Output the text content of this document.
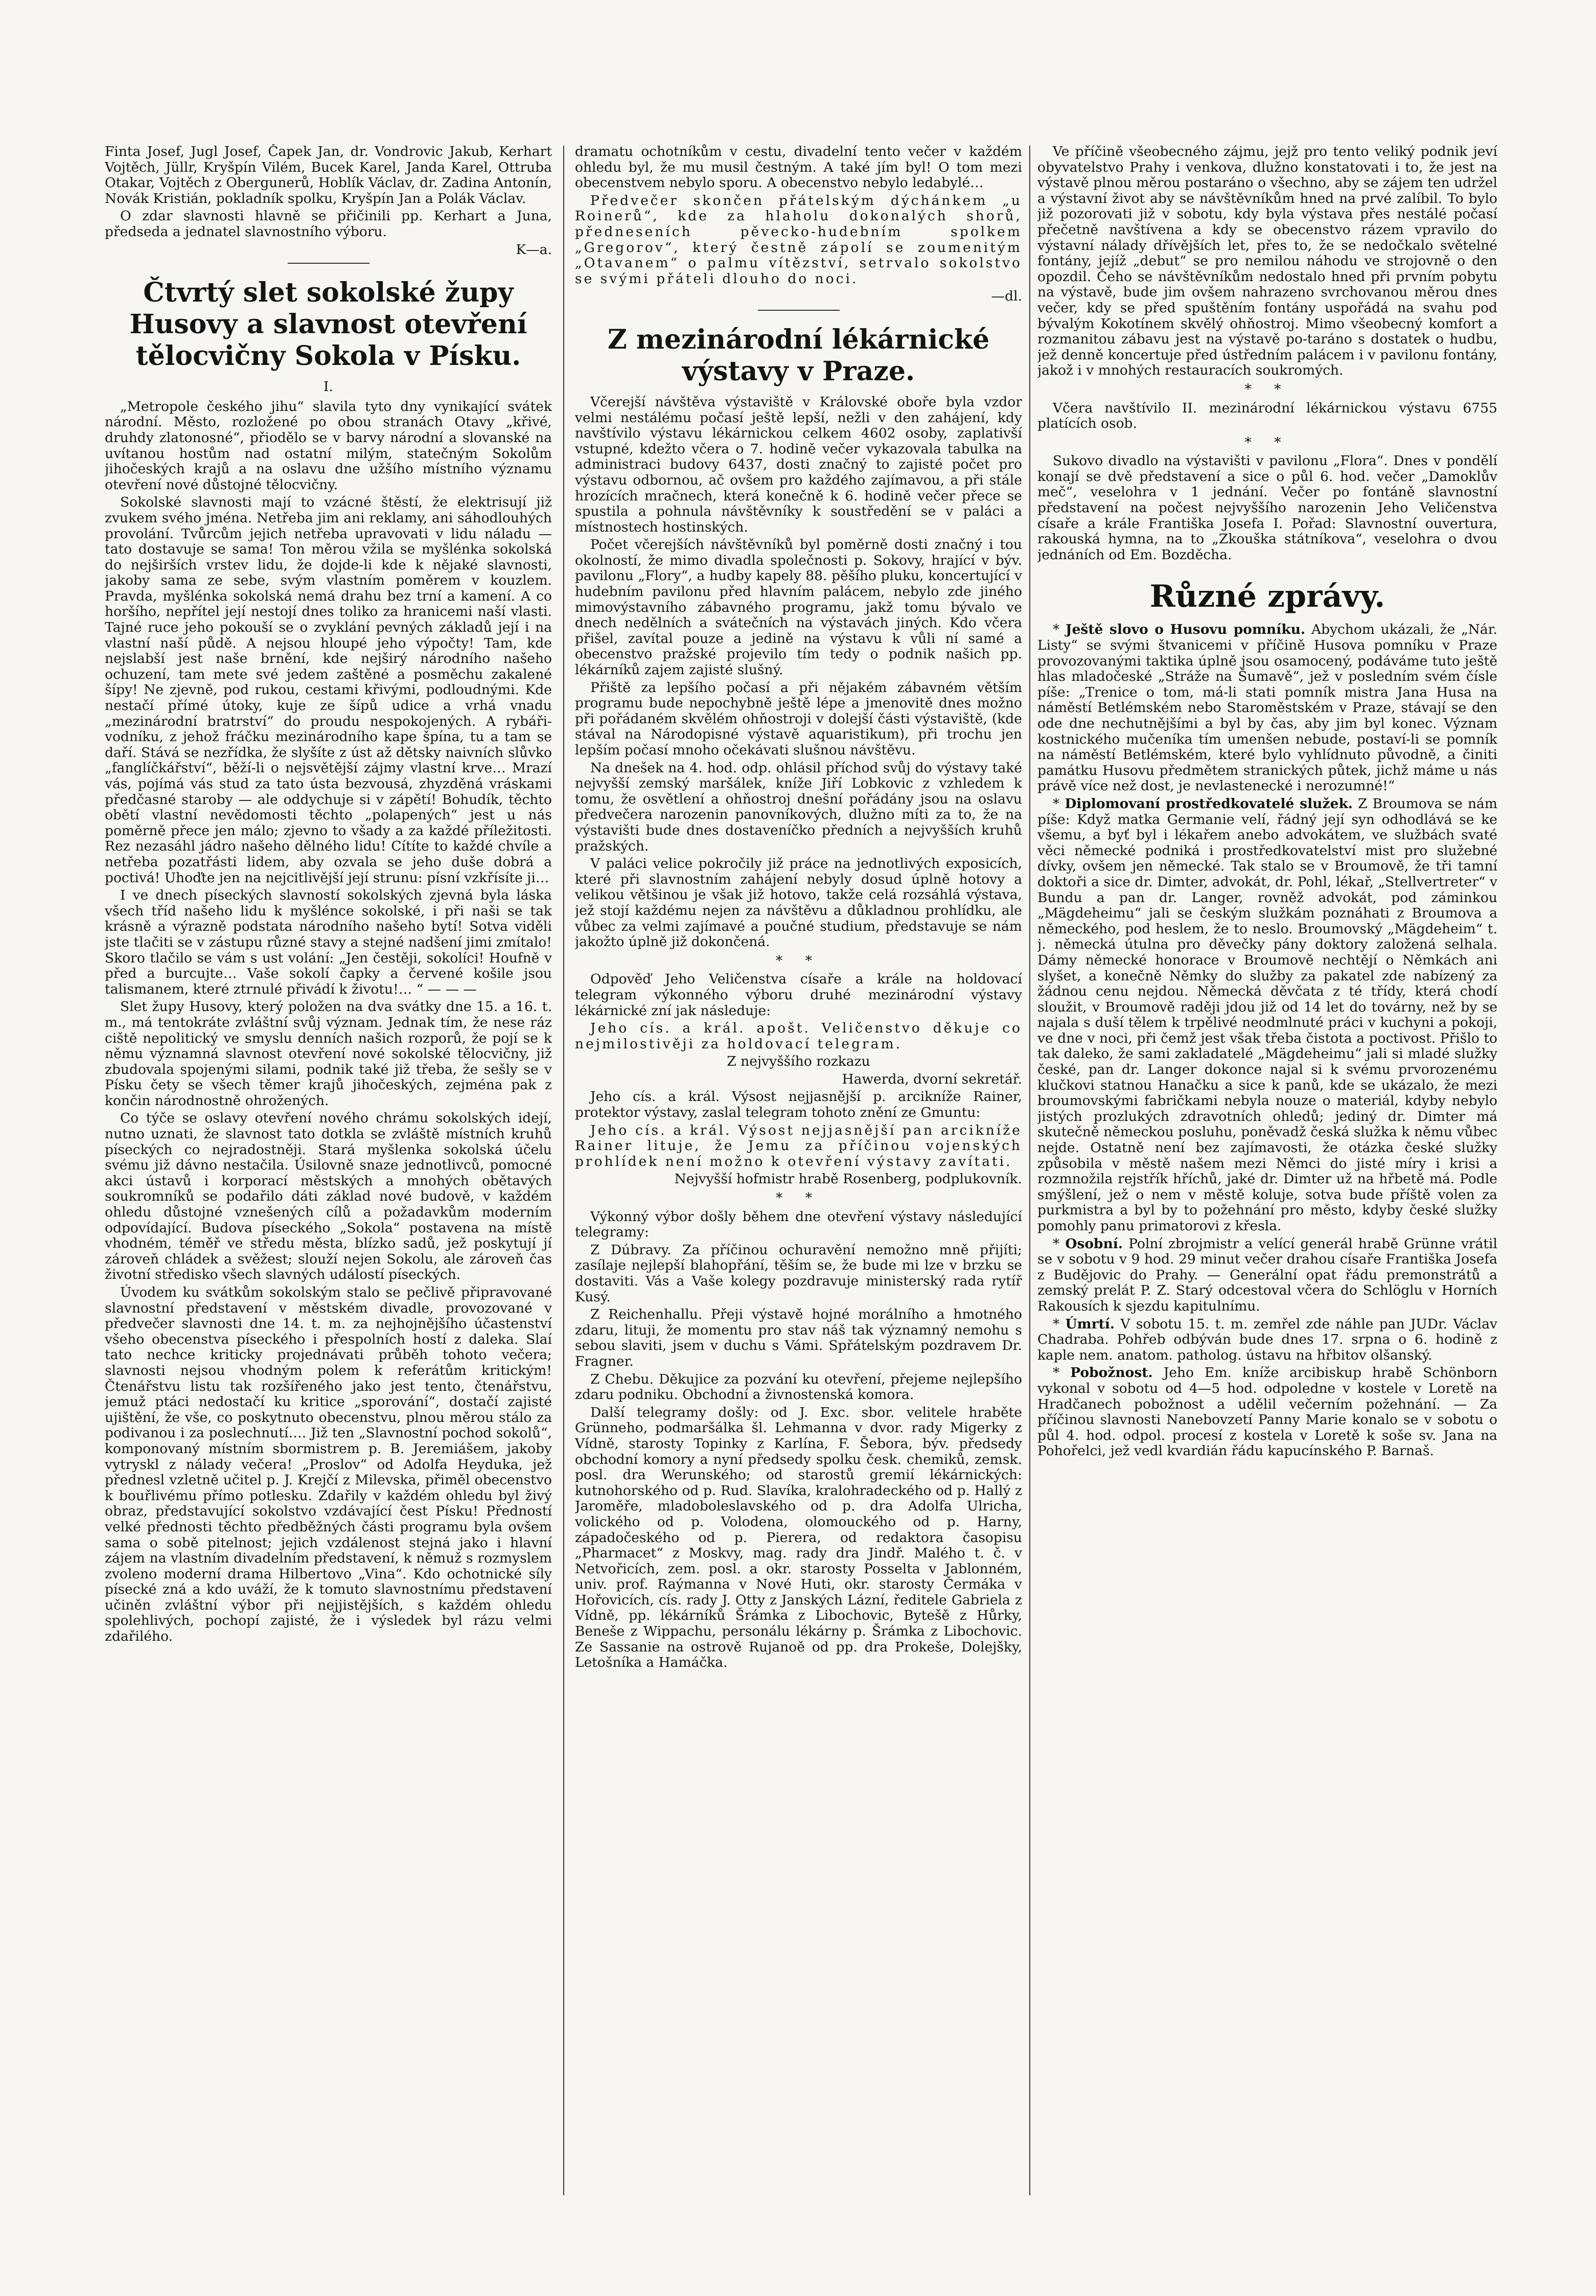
Finta Josef, Jugl Josef, Čapek Jan, dr. Vondrovic Jakub, Kerhart Vojtěch, Jüllr, Kryšpín Vilém, Bucek Karel, Janda Karel, Ottruba Otakar, Vojtěch z Obergunerů, Hoblík Václav, dr. Zadina Antonín, Novák Kristián, pokladník spolku, Kryšpín Jan a Polák Václav.

O zdar slavnosti hlavně se přičinili pp. Kerhart a Juna, předseda a jednatel slavnostního výboru.

K—a.

Čtvrtý slet sokolské župy Husovy a slavnost otevření tělocvičny Sokola v Písku.
I.

„Metropole českého jihu“ slavila tyto dny vynikající svátek národní. Město, rozložené po obou stranách Otavy „křivé, druhdy zlatonosné“, přiodělo se v barvy národní a slovanské na uvítanou hostům nad ostatní milým, statečným Sokolům jihočeských krajů a na oslavu dne užšího místního významu otevření nové důstojné tělocvičny.

Sokolské slavnosti mají to vzácné štěstí, že elektrisují již zvukem svého jména. Netřeba jim ani reklamy, ani sáhodlouhých provolání. Tvůrcům jejich netřeba upravovati v lidu náladu — tato dostavuje se sama! Ton měrou vžila se myšlénka sokolská do nejširších vrstev lidu, že dojde-li kde k nějaké slavnosti, jakoby sama ze sebe, svým vlastním poměrem v kouzlem. Pravda, myšlénka sokolská nemá drahu bez trní a kamení. A co horšího, nepřítel její nestojí dnes toliko za hranicemi naší vlasti. Tajné ruce jeho pokouší se o zvyklání pevných základů její i na vlastní naší půdě. A nejsou hloupé jeho výpočty! Tam, kde nejslabší jest naše brnění, kde nejširý národního našeho ochuzení, tam mete své jedem zaštěné a posměchu zakalené šípy! Ne zjevně, pod rukou, cestami křivými, podloudnými. Kde nestačí přímé útoky, kuje ze šípů udice a vrhá vnadu „mezinárodní bratrství“ do proudu nespokojených. A rybáři-vodníku, z jehož fráčku mezinárodního kape špína, tu a tam se daří. Stává se nezřídka, že slyšíte z úst až dětsky naivních slůvko „fanglíčkářství“, běží-li o nejsvětější zájmy vlastní krve… Mrazí vás, pojímá vás stud za tato ústa bezvousá, zhyzděná vráskami předčasné staroby — ale oddychuje si v zápětí! Bohudík, těchto obětí vlastní nevědomosti těchto „polapených“ jest u nás poměrně přece jen málo; zjevno to všady a za každé příležitosti. Rez nezasáhl jádro našeho dělného lidu! Cítíte to každé chvíle a netřeba pozatřásti lidem, aby ozvala se jeho duše dobrá a poctivá! Uhoďte jen na nejcitlivější její strunu: písní vzkřísíte ji…

I ve dnech píseckých slavností sokolských zjevná byla láska všech tříd našeho lidu k myšlénce sokolské, i při naši se tak krásně a výrazně podstata národního našeho bytí! Sotva viděli jste tlačiti se v zástupu různé stavy a stejné nadšení jimi zmítalo! Skoro tlačilo se vám s ust volání: „Jen čestěji, sokolíci! Houfně v před a burcujte… Vaše sokolí čapky a červené košile jsou talismanem, které ztrnulé přivádí k životu!… “ — — —

Slet župy Husovy, který položen na dva svátky dne 15. a 16. t. m., má tentokráte zvláštní svůj význam. Jednak tím, že nese ráz ciště nepolitický ve smyslu denních našich rozporů, že pojí se k němu významná slavnost otevření nové sokolské tělocvičny, již zbudovala spojenými silami, podnik také již třeba, že sešly se v Písku čety se všech těmer krajů jihočeských, zejména pak z končin národnostně ohrožených.

Co týče se oslavy otevření nového chrámu sokolských idejí, nutno uznati, že slavnost tato dotkla se zvláště místních kruhů píseckých co nejradostněji. Stará myšlenka sokolská účelu svému již dávno nestačila. Úsilovně snaze jednotlivců, pomocné akci ústavů i korporací městských a mnohých obětavých soukromníků se podařilo dáti základ nové budově, v každém ohledu důstojné vznešených cílů a požadavkům moderním odpovídající. Budova píseckého „Sokola“ postavena na místě vhodném, téměř ve středu města, blízko sadů, jež poskytují jí zároveň chládek a svěžest; slouží nejen Sokolu, ale zároveň čas životní středisko všech slavných událostí píseckých.

Úvodem ku svátkům sokolským stalo se pečlivě připravované slavnostní představení v městském divadle, provozované v předvečer slavnosti dne 14. t. m. za nejhojnějšího účastenství všeho obecenstva píseckého i přespolních hostí z daleka. Slaí tato nechce kriticky projednávati průběh tohoto večera; slavnosti nejsou vhodným polem k referátům kritickým! Čtenářstvu listu tak rozšířeného jako jest tento, čtenářstvu, jemuž ptáci nedostačí ku kritice „sporování“, dostačí zajisté ujištění, že vše, co poskytnuto obecenstvu, plnou měrou stálo za podivanou i za poslechnutí…. Již ten „Slavnostní pochod sokolů“, komponovaný místním sbormistrem p. B. Jeremiášem, jakoby vytryskl z nálady večera! „Proslov“ od Adolfa Heyduka, jež přednesl vzletně učitel p. J. Krejčí z Milevska, přiměl obecenstvo k bouřlivému přímo potlesku. Zdařily v každém ohledu byl živý obraz, představující sokolstvo vzdávající čest Písku! Předností velké přednosti těchto předběžných části programu byla ovšem sama o sobě pitelnost; jejich vzdálenost stejná jako i hlavní zájem na vlastním divadelním představení, k němuž s rozmyslem zvoleno moderní drama Hilbertovo „Vina“. Kdo ochotnické síly písecké zná a kdo uváží, že k tomuto slavnostnímu představení učiněn zvláštní výbor při nejjistějších, s každém ohledu spolehlivých, pochopí zajisté, že i výsledek byl rázu velmi zdařilého.

dramatu ochotníkům v cestu, divadelní tento večer v každém ohledu byl, že mu musil čestným. A také jím byl! O tom mezi obecenstvem nebylo sporu. A obecenstvo nebylo ledabylé…

Předvečer skončen přátelským dýchánkem „u Roinerů“, kde za hlaholu dokonalých shorů, předneseních pěvecko-hudebním spolkem „Gregorov“, který čestně zápolí se zoumenitým „Otavanem“ o palmu vítězství, setrvalo sokolstvo se svými přáteli dlouho do noci.

—dl.

Z mezinárodní lékárnické výstavy v Praze.

Včerejší návštěva výstaviště v Královské oboře byla vzdor velmi nestálému počasí ještě lepší, nežli v den zahájení, kdy navštívilo výstavu lékárnickou celkem 4602 osoby, zaplativší vstupné, kdežto včera o 7. hodině večer vykazovala tabulka na administraci budovy 6437, dosti značný to zajisté počet pro výstavu odbornou, ač ovšem pro každého zajímavou, a při stále hrozících mračnech, která konečně k 6. hodině večer přece se spustila a pohnula návštěvníky k soustředění se v paláci a místnostech hostinských.

Počet včerejších návštěvníků byl poměrně dosti značný i tou okolností, že mimo divadla společnosti p. Sokovy, hrající v býv. pavilonu „Flory“, a hudby kapely 88. pěšího pluku, koncertující v hudebním pavilonu před hlavním palácem, nebylo zde jiného mimovýstavního zábavného programu, jakž tomu bývalo ve dnech nedělních a svátečních na výstavách jiných. Kdo včera přišel, zavítal pouze a jedině na výstavu k vůli ní samé a obecenstvo pražské projevilo tím tedy o podnik našich pp. lékárníků zajem zajisté slušný.

Přiště za lepšího počasí a při nějakém zábavném větším programu bude nepochybně ještě lépe a jmenovitě dnes možno při pořádaném skvělém ohňostroji v dolejší části výstaviště, (kde stával na Národopisné výstavě aquaristikum), při trochu jen lepším počasí mnoho očekávati slušnou návštěvu.

Na dnešek na 4. hod. odp. ohlásil příchod svůj do výstavy také nejvyšší zemský maršálek, kníže Jiří Lobkovic z vzhledem k tomu, že osvětlení a ohňostroj dnešní pořádány jsou na oslavu předvečera narozenin panovníkových, dlužno míti za to, že na výstavišti bude dnes dostaveníčko předních a nejvyšších kruhů pražských.

V paláci velice pokročily již práce na jednotlivých exposicích, které při slavnostním zahájení nebyly dosud úplně hotovy a velikou většinou je však již hotovo, takže celá rozsáhlá výstava, jež stojí každému nejen za návštěvu a důkladnou prohlídku, ale vůbec za velmi zajímavé a poučné studium, představuje se nám jakožto úplně již dokončená.

* *

Odpověď Jeho Veličenstva císaře a krále na holdovací telegram výkonného výboru druhé mezinárodní výstavy lékárnické zní jak následuje:

Jeho cís. a král. apošt. Veličenstvo děkuje co nejmilostivěji za holdovací telegram.

Z nejvyššího rozkazu

Hawerda, dvorní sekretář.

Jeho cís. a král. Výsost nejjasnější p. arcikníže Rainer, protektor výstavy, zaslal telegram tohoto znění ze Gmuntu:

Jeho cís. a král. Výsost nejjasnější pan arcikníže Rainer lituje, že Jemu za příčinou vojenských prohlídek není možno k otevření výstavy zavítati.

Nejvyšší hofmistr hrabě Rosenberg, podplukovník.

* *

Výkonný výbor došly během dne otevření výstavy následující telegramy:

Z Dúbravy. Za příčinou ochuravění nemožno mně přijíti; zasílaje nejlepší blahopřání, těším se, že bude mi lze v brzku se dostaviti. Vás a Vaše kolegy pozdravuje ministerský rada rytíř Kusý.

Z Reichenhallu. Přeji výstavě hojné morálního a hmotného zdaru, lituji, že momentu pro stav náš tak významný nemohu s sebou slaviti, jsem v duchu s Vámi. Spřátelským pozdravem Dr. Fragner.

Z Chebu. Děkujice za pozvání ku otevření, přejeme nejlepšího zdaru podniku. Obchodní a živnostenská komora.

Další telegramy došly: od J. Exc. sbor. velitele hraběte Grünneho, podmaršálka šl. Lehmanna v dvor. rady Migerky z Vídně, starosty Topinky z Karlína, F. Šebora, býv. předsedy obchodní komory a nyní předsedy spolku česk. chemiků, zemsk. posl. dra Werunského; od starostů gremií lékárnických: kutnohorského od p. Rud. Slavíka, kralohradeckého od p. Hallý z Jaroměře, mladoboleslavského od p. dra Adolfa Ulricha, volického od p. Volodena, olomouckého od p. Harny, západočeského od p. Pierera, od redaktora časopisu „Pharmacet“ z Moskvy, mag. rady dra Jindř. Malého t. č. v Netvořicích, zem. posl. a okr. starosty Posselta v Jablonném, univ. prof. Raýmanna v Nové Huti, okr. starosty Čermáka v Hořovicích, cís. rady J. Otty z Janských Lázní, ředitele Gabriela z Vídně, pp. lékárníků Šrámka z Libochovic, Bytešě z Hůrky, Beneše z Wippachu, personálu lékárny p. Šrámka z Libochovic. Ze Sassanie na ostrově Rujanoě od pp. dra Prokeše, Dolejšky, Letošníka a Hamáčka.

Ve příčině všeobecného zájmu, jejž pro tento veliký podnik jeví obyvatelstvo Prahy i venkova, dlužno konstatovati i to, že jest na výstavě plnou měrou postaráno o všechno, aby se zájem ten udržel a výstavní život aby se návštěvníkům hned na prvé zalíbil. To bylo již pozorovati již v sobotu, kdy byla výstava přes nestálé počasí přečetně navštívena a kdy se obecenstvo rázem vpravilo do výstavní nálady dřívějších let, přes to, že se nedočkalo světelné fontány, jejíž „debut“ se pro nemilou náhodu ve strojovně o den opozdil. Čeho se návštěvníkům nedostalo hned při prvním pobytu na výstavě, bude jim ovšem nahrazeno svrchovanou měrou dnes večer, kdy se před spuštěním fontány uspořádá na svahu pod bývalým Kokotínem skvělý ohňostroj. Mimo všeobecný komfort a rozmanitou zábavu jest na výstavě po-taráno s dostatek o hudbu, jež denně koncertuje před ústředním palácem i v pavilonu fontány, jakož i v mnohých restauracích soukromých.

* *

Včera navštívilo II. mezinárodní lékárnickou výstavu 6755 platících osob.

* *

Sukovo divadlo na výstavišti v pavilonu „Flora“. Dnes v pondělí konají se dvě představení a sice o půl 6. hod. večer „Damoklův meč“, veselohra v 1 jednání. Večer po fontáně slavnostní představení na počest nejvyššího narozenin Jeho Veličenstva císaře a krále Františka Josefa I. Pořad: Slavnostní ouvertura, rakouská hymna, na to „Zkouška státníkova“, veselohra o dvou jednáních od Em. Bozděcha.

Různé zprávy.

* Ještě slovo o Husovu pomníku. Abychom ukázali, že „Nár. Listy“ se svými štvanicemi v příčině Husova pomníku v Praze provozovanými taktika úplně jsou osamocený, podáváme tuto ještě hlas mladočeské „Stráže na Šumavě“, jež v posledním svém čísle píše: „Trenice o tom, má-li stati pomník mistra Jana Husa na náměstí Betlémském nebo Staroměstském v Praze, stávají se den ode dne nechutnějšími a byl by čas, aby jim byl konec. Význam kostnického mučeníka tím umenšen nebude, postaví-li se pomník na náměstí Betlémském, které bylo vyhlídnuto původně, a činiti památku Husovu předmětem stranických půtek, jichž máme u nás právě více než dost, je nevlastenecké i nerozumné!“

* Diplomovaní prostředkovatelé služek. Z Broumova se nám píše: Když matka Germanie velí, řádný její syn odhodlává se ke všemu, a byť byl i lékařem anebo advokátem, ve službách svaté věci německé podniká i prostředkovatelství mist pro služebné dívky, ovšem jen německé. Tak stalo se v Broumově, že tři tamní doktoři a sice dr. Dimter, advokát, dr. Pohl, lékař, „Stellvertreter“ v Bundu a pan dr. Langer, rovněž advokát, pod záminkou „Mägdeheimu“ jali se českým služkám poznáhati z Broumova a německého, pod heslem, že to neslo. Broumovský „Mägdeheim“ t. j. německá útulna pro děvečky pány doktory založená selhala. Dámy německé honorace v Broumově nechtějí o Němkách ani slyšet, a konečně Němky do služby za pakatel zde nabízený za žádnou cenu nejdou. Německá děvčata z té třídy, která chodí sloužit, v Broumově raději jdou již od 14 let do továrny, než by se najala s duší tělem k trpělivé neodmlnuté práci v kuchyni a pokoji, ve dne v noci, při čemž jest však třeba čistota a poctivost. Přišlo to tak daleko, že sami zakladatelé „Mägdeheimu“ jali si mladé služky české, pan dr. Langer dokonce najal si k svému prvorozenému klučkovi statnou Hanačku a sice k panů, kde se ukázalo, že mezi broumovskými fabričkami nebyla nouze o materiál, kdyby nebylo jistých prozlukých zdravotních ohledů; jediný dr. Dimter má skutečně německou posluhu, poněvadž česká služka k němu vůbec nejde. Ostatně není bez zajímavosti, že otázka české služky způsobila v městě našem mezi Němci do jisté míry i krisi a rozmnožila rejstřík hříchů, jaké dr. Dimter už na hřbetě má. Podle smýšlení, jež o nem v městě koluje, sotva bude příště volen za purkmistra a byl by to požehnání pro město, kdyby české služky pomohly panu primatorovi z křesla.

* Osobní. Polní zbrojmistr a velící generál hrabě Grünne vrátil se v sobotu v 9 hod. 29 minut večer drahou císaře Františka Josefa z Budějovic do Prahy. — Generální opat řádu premonstrátů a zemský prelát P. Z. Starý odcestoval včera do Schlöglu v Horních Rakousích k sjezdu kapitulnímu.

* Úmrtí. V sobotu 15. t. m. zemřel zde náhle pan JUDr. Václav Chadraba. Pohřeb odbýván bude dnes 17. srpna o 6. hodině z kaple nem. anatom. patholog. ústavu na hřbitov olšanský.

* Pobožnost. Jeho Em. kníže arcibiskup hrabě Schönborn vykonal v sobotu od 4—5 hod. odpoledne v kostele v Loretě na Hradčanech pobožnost a udělil večerním požehnání. — Za příčinou slavnosti Nanebovzetí Panny Marie konalo se v sobotu o půl 4. hod. odpol. procesí z kostela v Loretě k soše sv. Jana na Pohořelci, jež vedl kvardián řádu kapucínského P. Barnaš.
